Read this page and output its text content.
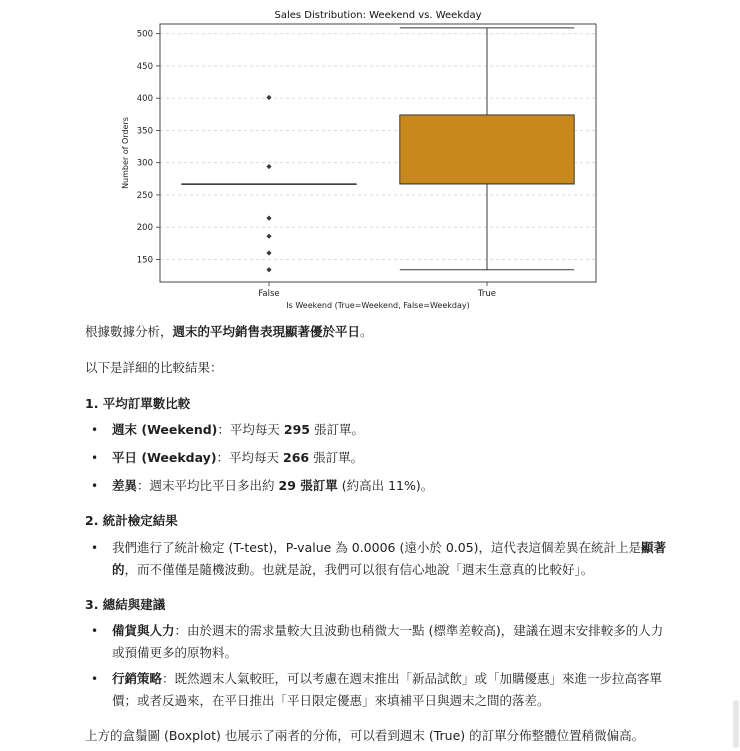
150
200
250
300
350
400
450
500
False	True
Sales Distribution: Weekend vs. Weekday
Is Weekend (True=Weekend, False=Weekday)
Number of Orders
根據數據分析，週末的平均銷售表現顯著優於平日。
以下是詳細的比較結果：
1. 平均訂單數比較
• 週末 (Weekend)：平均每天 295 張訂單。
• 平日 (Weekday)：平均每天 266 張訂單。
• 差異：週末平均比平日多出約 29 張訂單 (約高出 11%)。
2. 統計檢定結果
• 我們進行了統計檢定 (T-test)，P-value 為 0.0006 (遠小於 0.05)，這代表這個差異在統計上是顯著
的，而不僅僅是隨機波動。也就是說，我們可以很有信心地說「週末生意真的比較好」。
3. 總結與建議
• 備貨與人力：由於週末的需求量較大且波動也稍微大一點 (標準差較高)，建議在週末安排較多的人力
或預備更多的原物料。
• 行銷策略：既然週末人氣較旺，可以考慮在週末推出「新品試飲」或「加購優惠」來進一步拉高客單
價；或者反過來，在平日推出「平日限定優惠」來填補平日與週末之間的落差。
上方的盒鬚圖 (Boxplot) 也展示了兩者的分佈，可以看到週末 (True) 的訂單分佈整體位置稍微偏高。
